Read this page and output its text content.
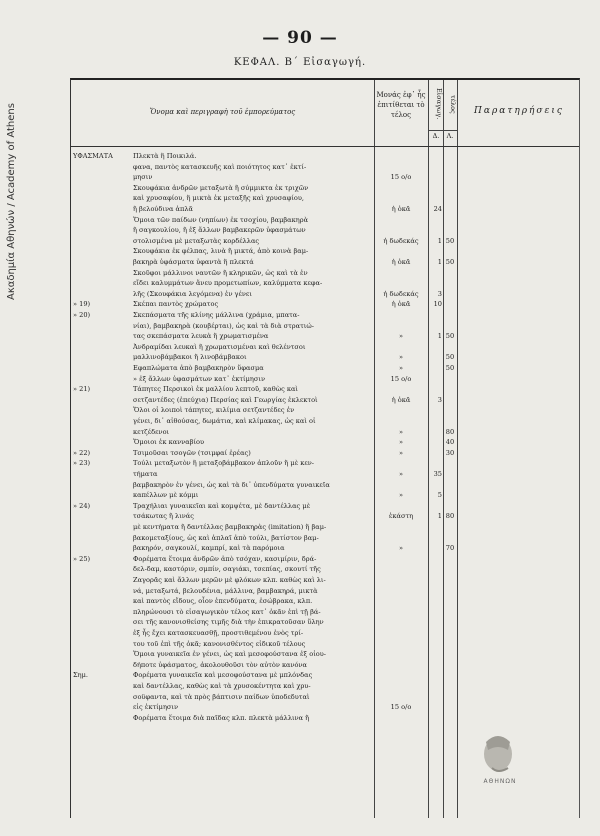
Ακαδημία Αθηνών / Academy of Athens
— 90 —
ΚΕΦΑΛ. Β΄ Εἰσαγωγή.
Ὄνομα καὶ περιγραφὴ τοῦ ἐμπορεύματος
Μονάς ἐφ᾽ ἧς ἐπιτίθεται τὸ τέλος	Εἰσαγωγ. τέλος
Δ.	Λ.
Παρατηρήσεις
ΥΦΑΣΜΑΤΑ	Πλεκτὰ ἢ Ποικιλά.
φανα, παντὸς κατασκευῆς καὶ ποιότητος κατ᾽ ἐκτί-
μησιν	15 ο/ο
Σκουφάκια ἀνδρῶν μεταξωτὰ ἢ σύμμικτα ἐκ τριχῶν
καὶ χρυσαφίου, ἢ μικτὰ ἐκ μεταξῆς καὶ χρυσαφίου,
ἢ βελούδινα ἁπλᾶ	ἡ ὀκᾶ	24
Ὅμοια τῶν παίδων (νηπίων) ἐκ τσοχίου, βαμβακηρὰ
ἢ σαγκουλίου, ἢ ἐξ ἄλλων βαμβακερῶν ὑφασμάτων
στολισμένα μὲ μεταξωτὰς κορδέλλας	ἡ δωδεκάς	1 50
Σκουφάκια ἐκ φέλπας, λινὰ ἢ μικτά, ἀπὸ κοινὰ βαμ-
βακηρὰ ὑφάσματα ὑφαντὰ ἢ πλεκτά	ἡ ὀκᾶ	1 50
Σκοῦφοι μάλλινοι ναυτῶν ἢ κληρικῶν, ὡς καὶ τὰ ἐν
εἴδει καλυμμάτων ἄνευ προμετωπίων, καλύμματα κεφα-
λῆς (Σκουφάκια λεγόμενα) ἐν γένει	ἡ δωδεκάς	3
» 19)	Σκέπαι παντὸς χρώματος	ἡ ὀκᾶ	10
» 20)	Σκεπάσματα τῆς κλίνης μάλλινα (χράμια, μπατα-
νίαι), βαμβακηρὰ (κουβέρται), ὡς καὶ τὰ διὰ στρατιώ-
τας σκεπάσματα λευκὰ ἢ χρωματισμένα	»	1 50
Ἀνδραμίδαι λευκαὶ ἢ χρωματισμέναι καὶ θελέντσοι
μαλλινοβάμβακοι ἢ λινοβάμβακοι	»	50
Εφαπλώματα ἀπὸ βαμβακηρὸν ὕφασμα	»	50
» ἐξ ἄλλων ὑφασμάτων κατ᾽ ἐκτίμησιν	15 ο/ο
» 21)	Τάπητες Περσικοὶ ἐκ μαλλίου λεπτοῦ, καθὼς καὶ
σετζαντέδες (ἐπεύχια) Περσίας καὶ Γεωργίας ἐκλεκτοὶ	ἡ ὀκᾶ	3
Ὅλοι οἱ λοιποὶ τάπητες, κιλίμια σετζαντέδες ἐν
γένει, δι᾽ αἰθούσας, δωμάτια, καὶ κλίμακας, ὡς καὶ οἱ
κετζέδενοι	»	80
Ὅμοιοι ἐκ κανναβίου	»	40
» 22)	Τσιμοῦσαι τσογῶν (τσιμφαί ἐρέας)	»	30
» 23)	Τούλι μεταξωτὸν ἢ μεταξοβάμβακον ἁπλοῦν ἢ μὲ κεν-
τήματα	»	35
βαμβακηρὸν ἐν γένει, ὡς καὶ τὰ δι᾽ ὑπενδύματα γυναικεῖα
καπέλλων μὲ κόμμι	»	5
» 24)	Τραχήλιαι γυναικεῖαι καὶ κομψέτα, μὲ δαντέλλας μὲ
τσάκωτας ἢ λινάς	ἑκάστη	1 80
μὲ κεντήματα ἢ δαντέλλας βαμβακηρὰς (imitation) ἢ βαμ-
βακομεταξίους, ὡς καὶ ἁπλαῖ ἀπὸ τούλι, βατίστον βαμ-
βακηρόν, σαγκουλί, καμπρί, καὶ τὰ παρόμοια	»	70
» 25)	Φορέματα ἕτοιμα ἀνδρῶν ἀπὸ τσόχαν, κασιμίριν, δρά-
δελ-δαμ, καστόριν, σμπίν, σαγιάκι, τσεπίας, σκουτί τῆς
Ζαγορᾶς καὶ ἄλλων μερῶν μὲ φλόκων κλπ. καθὼς καὶ λι-
νά, μεταξωτά, βελουδένια, μάλλινα, βαμβακηρά, μικτὰ
καὶ παντὸς εἴδους, οἷον ἐπενδύματα, ἐσώβρακα, κλπ.
πληρώνουσι τὸ εἰσαγωγικὸν τέλος κατ᾽ ὀκᾶν ἐπὶ τῇ βά-
σει τῆς κανονισθείσης τιμῆς διὰ τὴν ἐπικρατοῦσαν ὕλην
ἐξ ἧς ἔχει κατασκευασθῇ, προστιθεμένου ἑνὸς τρί-
του τοῦ ἐπὶ τῆς ὀκᾶ; κανονισθέντος εἰδικοῦ τέλους
Ὅμοια γυναικεῖα ἐν γένει, ὡς καὶ μεσοφούστανα ἐξ οἱου-
δήποτε ὑφάσματος, ἀκολουθοῦσι τὸν αὐτὸν κανόνα
Σημ.	Φορέματα γυναικεῖα καὶ μεσοφούστανα μὲ μπλόνδας
καὶ δαντέλλας, καθὼς καὶ τὰ χρυσοκέντητα καὶ χρυ-
σοϋφαντα, καὶ τὰ πρὸς βάπτισιν παίδων ὑποδεδυταὶ
εἰς ἐκτίμησιν	15 ο/ο
Φορέματα ἕτοιμα διὰ παῖδας κλπ. πλεκτὰ μάλλινα ἢ
ΑΘΗΝΩΝ
